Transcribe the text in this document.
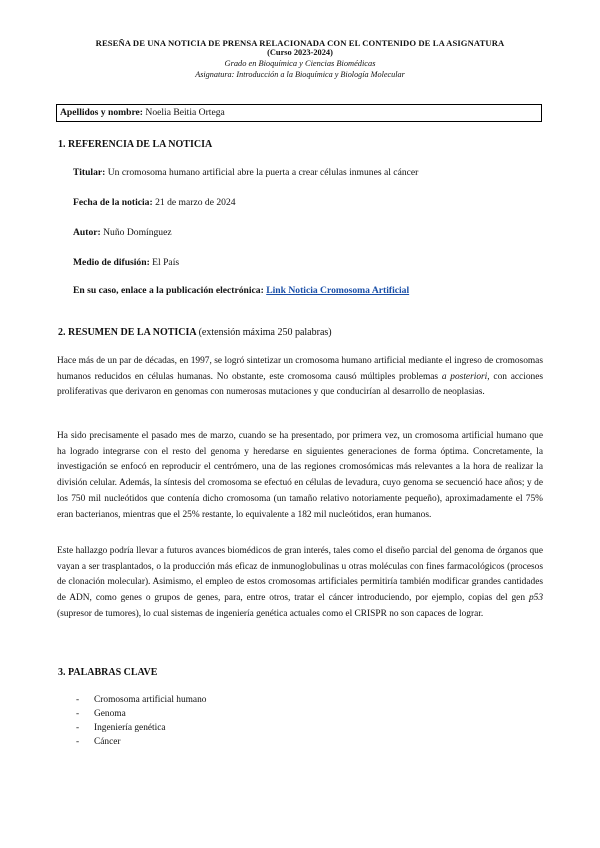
RESEÑA DE UNA NOTICIA DE PRENSA RELACIONADA CON EL CONTENIDO DE LA ASIGNATURA
(Curso 2023-2024)
Grado en Bioquímica y Ciencias Biomédicas
Asignatura: Introducción a la Bioquímica y Biología Molecular
Apellidos y nombre: Noelia Beitia Ortega
1. REFERENCIA DE LA NOTICIA
Titular: Un cromosoma humano artificial abre la puerta a crear células inmunes al cáncer
Fecha de la noticia: 21 de marzo de 2024
Autor: Nuño Domínguez
Medio de difusión: El País
En su caso, enlace a la publicación electrónica: Link Noticia Cromosoma Artificial
2. RESUMEN DE LA NOTICIA (extensión máxima 250 palabras)

Hace más de un par de décadas, en 1997, se logró sintetizar un cromosoma humano artificial mediante el ingreso de cromosomas humanos reducidos en células humanas. No obstante, este cromosoma causó múltiples problemas a posteriori, con acciones proliferativas que derivaron en genomas con numerosas mutaciones y que conducirían al desarrollo de neoplasias.

Ha sido precisamente el pasado mes de marzo, cuando se ha presentado, por primera vez, un cromosoma artificial humano que ha logrado integrarse con el resto del genoma y heredarse en siguientes generaciones de forma óptima. Concretamente, la investigación se enfocó en reproducir el centrómero, una de las regiones cromosómicas más relevantes a la hora de realizar la división celular. Además, la síntesis del cromosoma se efectuó en células de levadura, cuyo genoma se secuenció hace años; y de los 750 mil nucleótidos que contenía dicho cromosoma (un tamaño relativo notoriamente pequeño), aproximadamente el 75% eran bacterianos, mientras que el 25% restante, lo equivalente a 182 mil nucleótidos, eran humanos.

Este hallazgo podría llevar a futuros avances biomédicos de gran interés, tales como el diseño parcial del genoma de órganos que vayan a ser trasplantados, o la producción más eficaz de inmunoglobulinas u otras moléculas con fines farmacológicos (procesos de clonación molecular). Asimismo, el empleo de estos cromosomas artificiales permitiría también modificar grandes cantidades de ADN, como genes o grupos de genes, para, entre otros, tratar el cáncer introduciendo, por ejemplo, copias del gen p53 (supresor de tumores), lo cual sistemas de ingeniería genética actuales como el CRISPR no son capaces de lograr.

3. PALABRAS CLAVE
- Cromosoma artificial humano
- Genoma
- Ingeniería genética
- Cáncer
